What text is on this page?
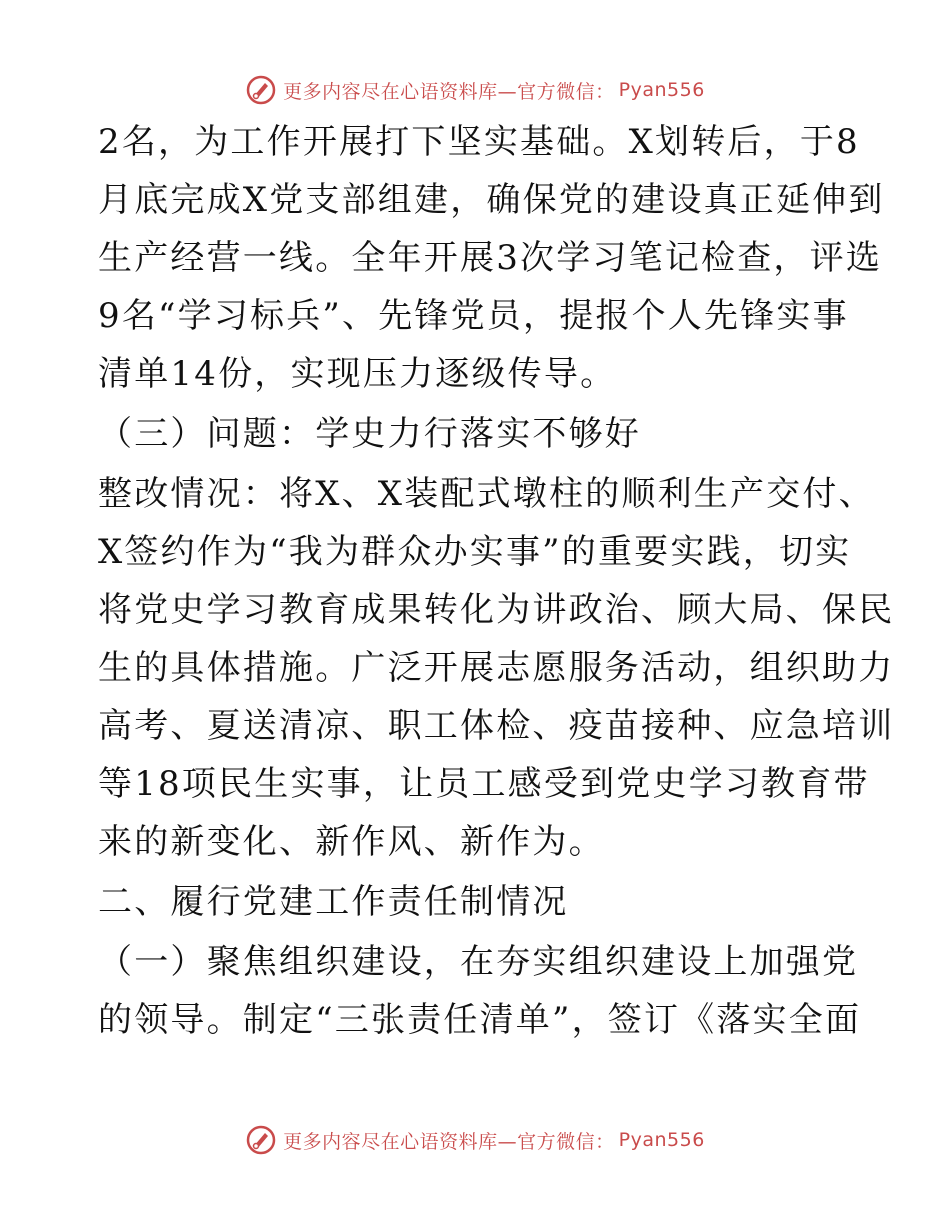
更多内容尽在心语资料库—官方微信： Pyan556
2名，为工作开展打下坚实基础。X划转后，于8
月底完成X党支部组建，确保党的建设真正延伸到
生产经营一线。全年开展3次学习笔记检查，评选
9名“学习标兵”、先锋党员，提报个人先锋实事
清单14份，实现压力逐级传导。
（三）问题：学史力行落实不够好
整改情况：将X、X装配式墩柱的顺利生产交付、
X签约作为“我为群众办实事”的重要实践，切实
将党史学习教育成果转化为讲政治、顾大局、保民
生的具体措施。广泛开展志愿服务活动，组织助力
高考、夏送清凉、职工体检、疫苗接种、应急培训
等18项民生实事，让员工感受到党史学习教育带
来的新变化、新作风、新作为。
二、履行党建工作责任制情况
（一）聚焦组织建设，在夯实组织建设上加强党
的领导。制定“三张责任清单”，签订《落实全面
更多内容尽在心语资料库—官方微信： Pyan556
